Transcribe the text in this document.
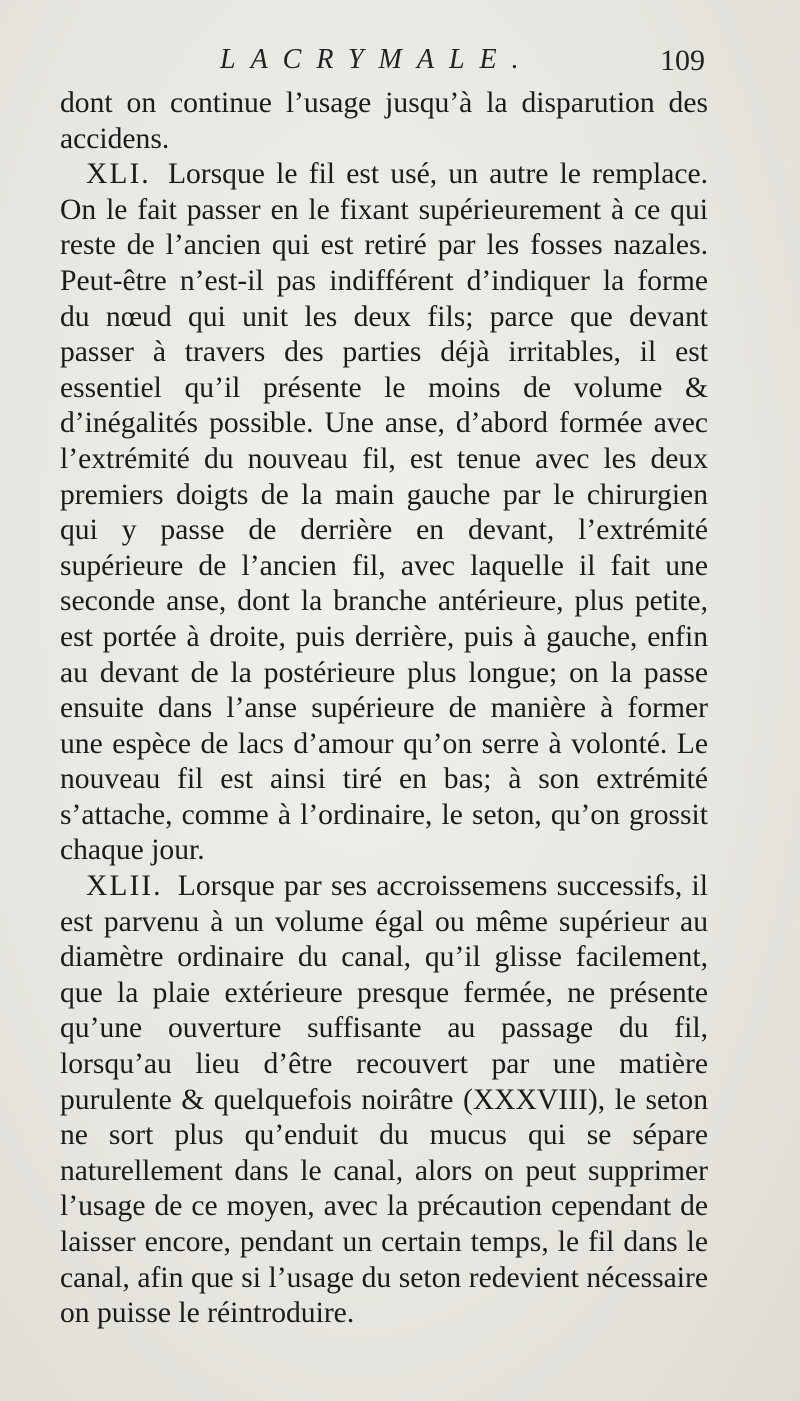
LACRYMALE.	109

dont on continue l’usage jusqu’à la disparution des accidens.

XLI. Lorsque le fil est usé, un autre le remplace. On le fait passer en le fixant supérieurement à ce qui reste de l’ancien qui est retiré par les fosses nazales. Peut-être n’est-il pas indifférent d’indiquer la forme du nœud qui unit les deux fils; parce que devant passer à travers des parties déjà irritables, il est essentiel qu’il présente le moins de volume & d’inégalités possible. Une anse, d’abord formée avec l’extrémité du nouveau fil, est tenue avec les deux premiers doigts de la main gauche par le chirurgien qui y passe de derrière en devant, l’extrémité supérieure de l’ancien fil, avec laquelle il fait une seconde anse, dont la branche antérieure, plus petite, est portée à droite, puis derrière, puis à gauche, enfin au devant de la postérieure plus longue; on la passe ensuite dans l’anse supérieure de manière à former une espèce de lacs d’amour qu’on serre à volonté. Le nouveau fil est ainsi tiré en bas; à son extrémité s’attache, comme à l’ordinaire, le seton, qu’on grossit chaque jour.

XLII. Lorsque par ses accroissemens successifs, il est parvenu à un volume égal ou même supérieur au diamètre ordinaire du canal, qu’il glisse facilement, que la plaie extérieure presque fermée, ne présente qu’une ouverture suffisante au passage du fil, lorsqu’au lieu d’être recouvert par une matière purulente & quelquefois noirâtre (XXXVIII), le seton ne sort plus qu’enduit du mucus qui se sépare naturellement dans le canal, alors on peut supprimer l’usage de ce moyen, avec la précaution cependant de laisser encore, pendant un certain temps, le fil dans le canal, afin que si l’usage du seton redevient nécessaire on puisse le réintroduire.
